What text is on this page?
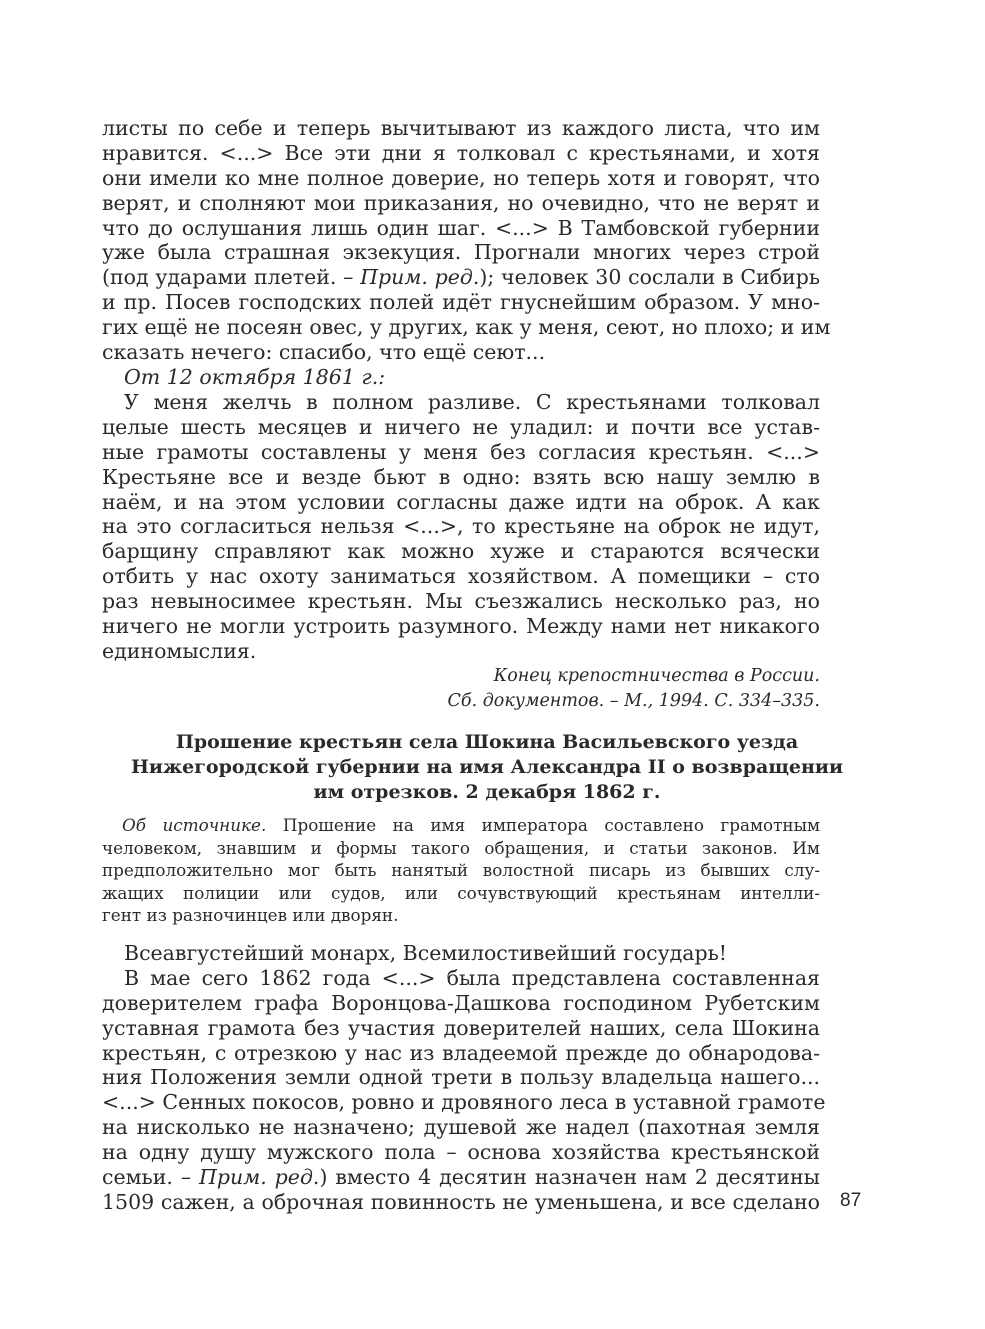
листы по себе и теперь вычитывают из каждого листа, что им
нравится. <...> Все эти дни я толковал с крестьянами, и хотя
они имели ко мне полное доверие, но теперь хотя и говорят, что
верят, и сполняют мои приказания, но очевидно, что не верят и
что до ослушания лишь один шаг. <...> В Тамбовской губернии
уже была страшная экзекуция. Прогнали многих через строй
(под ударами плетей. – Прим. ред.); человек 30 сослали в Сибирь
и пр. Посев господских полей идёт гнуснейшим образом. У мно-
гих ещё не посеян овес, у других, как у меня, сеют, но плохо; и им
сказать нечего: спасибо, что ещё сеют...
От 12 октября 1861 г.:
У меня желчь в полном разливе. С крестьянами толковал
целые шесть месяцев и ничего не уладил: и почти все устав-
ные грамоты составлены у меня без согласия крестьян. <...>
Крестьяне все и везде бьют в одно: взять всю нашу землю в
наём, и на этом условии согласны даже идти на оброк. А как
на это согласиться нельзя <...>, то крестьяне на оброк не идут,
барщину справляют как можно хуже и стараются всячески
отбить у нас охоту заниматься хозяйством. А помещики – сто
раз невыносимее крестьян. Мы съезжались несколько раз, но
ничего не могли устроить разумного. Между нами нет никакого
единомыслия.
Конец крепостничества в России.
Сб. документов. – М., 1994. С. 334–335.
Прошение крестьян села Шокина Васильевского уезда
Нижегородской губернии на имя Александра II о возвращении
им отрезков. 2 декабря 1862 г.
Об источнике. Прошение на имя императора составлено грамотным
человеком, знавшим и формы такого обращения, и статьи законов. Им
предположительно мог быть нанятый волостной писарь из бывших слу-
жащих полиции или судов, или сочувствующий крестьянам интелли-
гент из разночинцев или дворян.
Всеавгустейший монарх, Всемилостивейший государь!
В мае сего 1862 года <...> была представлена составленная
доверителем графа Воронцова-Дашкова господином Рубетским
уставная грамота без участия доверителей наших, села Шокина
крестьян, с отрезкою у нас из владеемой прежде до обнародова-
ния Положения земли одной трети в пользу владельца нашего...
<...> Сенных покосов, ровно и дровяного леса в уставной грамоте
на нисколько не назначено; душевой же надел (пахотная земля
на одну душу мужского пола – основа хозяйства крестьянской
семьи. – Прим. ред.) вместо 4 десятин назначен нам 2 десятины
1509 сажен, а оброчная повинность не уменьшена, и все сделано 87
